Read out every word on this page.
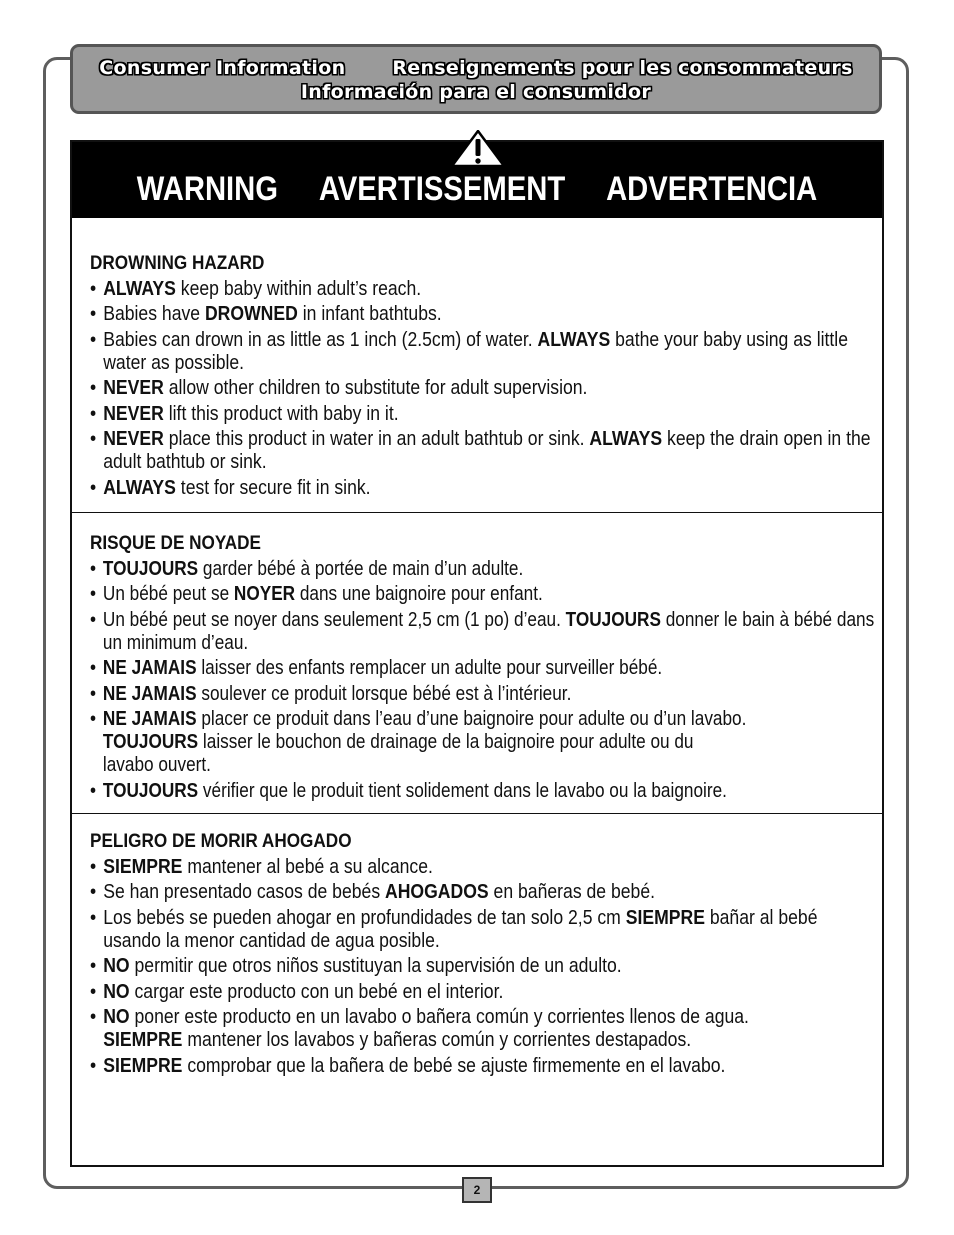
Consumer Information Renseignements pour les consommateurs
Información para el consumidor
WARNING AVERTISSEMENT ADVERTENCIA
DROWNING HAZARD
• ALWAYS keep baby within adult’s reach.
• Babies have DROWNED in infant bathtubs.
• Babies can drown in as little as 1 inch (2.5cm) of water. ALWAYS bathe your baby using as little water as possible.
• NEVER allow other children to substitute for adult supervision.
• NEVER lift this product with baby in it.
• NEVER place this product in water in an adult bathtub or sink. ALWAYS keep the drain open in the adult bathtub or sink.
• ALWAYS test for secure fit in sink.
RISQUE DE NOYADE
• TOUJOURS garder bébé à portée de main d’un adulte.
• Un bébé peut se NOYER dans une baignoire pour enfant.
• Un bébé peut se noyer dans seulement 2,5 cm (1 po) d’eau. TOUJOURS donner le bain à bébé dans un minimum d’eau.
• NE JAMAIS laisser des enfants remplacer un adulte pour surveiller bébé.
• NE JAMAIS soulever ce produit lorsque bébé est à l’intérieur.
• NE JAMAIS placer ce produit dans l’eau d’une baignoire pour adulte ou d’un lavabo.
TOUJOURS laisser le bouchon de drainage de la baignoire pour adulte ou du
lavabo ouvert.
• TOUJOURS vérifier que le produit tient solidement dans le lavabo ou la baignoire.
PELIGRO DE MORIR AHOGADO
• SIEMPRE mantener al bebé a su alcance.
• Se han presentado casos de bebés AHOGADOS en bañeras de bebé.
• Los bebés se pueden ahogar en profundidades de tan solo 2,5 cm SIEMPRE bañar al bebé usando la menor cantidad de agua posible.
• NO permitir que otros niños sustituyan la supervisión de un adulto.
• NO cargar este producto con un bebé en el interior.
• NO poner este producto en un lavabo o bañera común y corrientes llenos de agua.
SIEMPRE mantener los lavabos y bañeras común y corrientes destapados.
• SIEMPRE comprobar que la bañera de bebé se ajuste firmemente en el lavabo.
2
